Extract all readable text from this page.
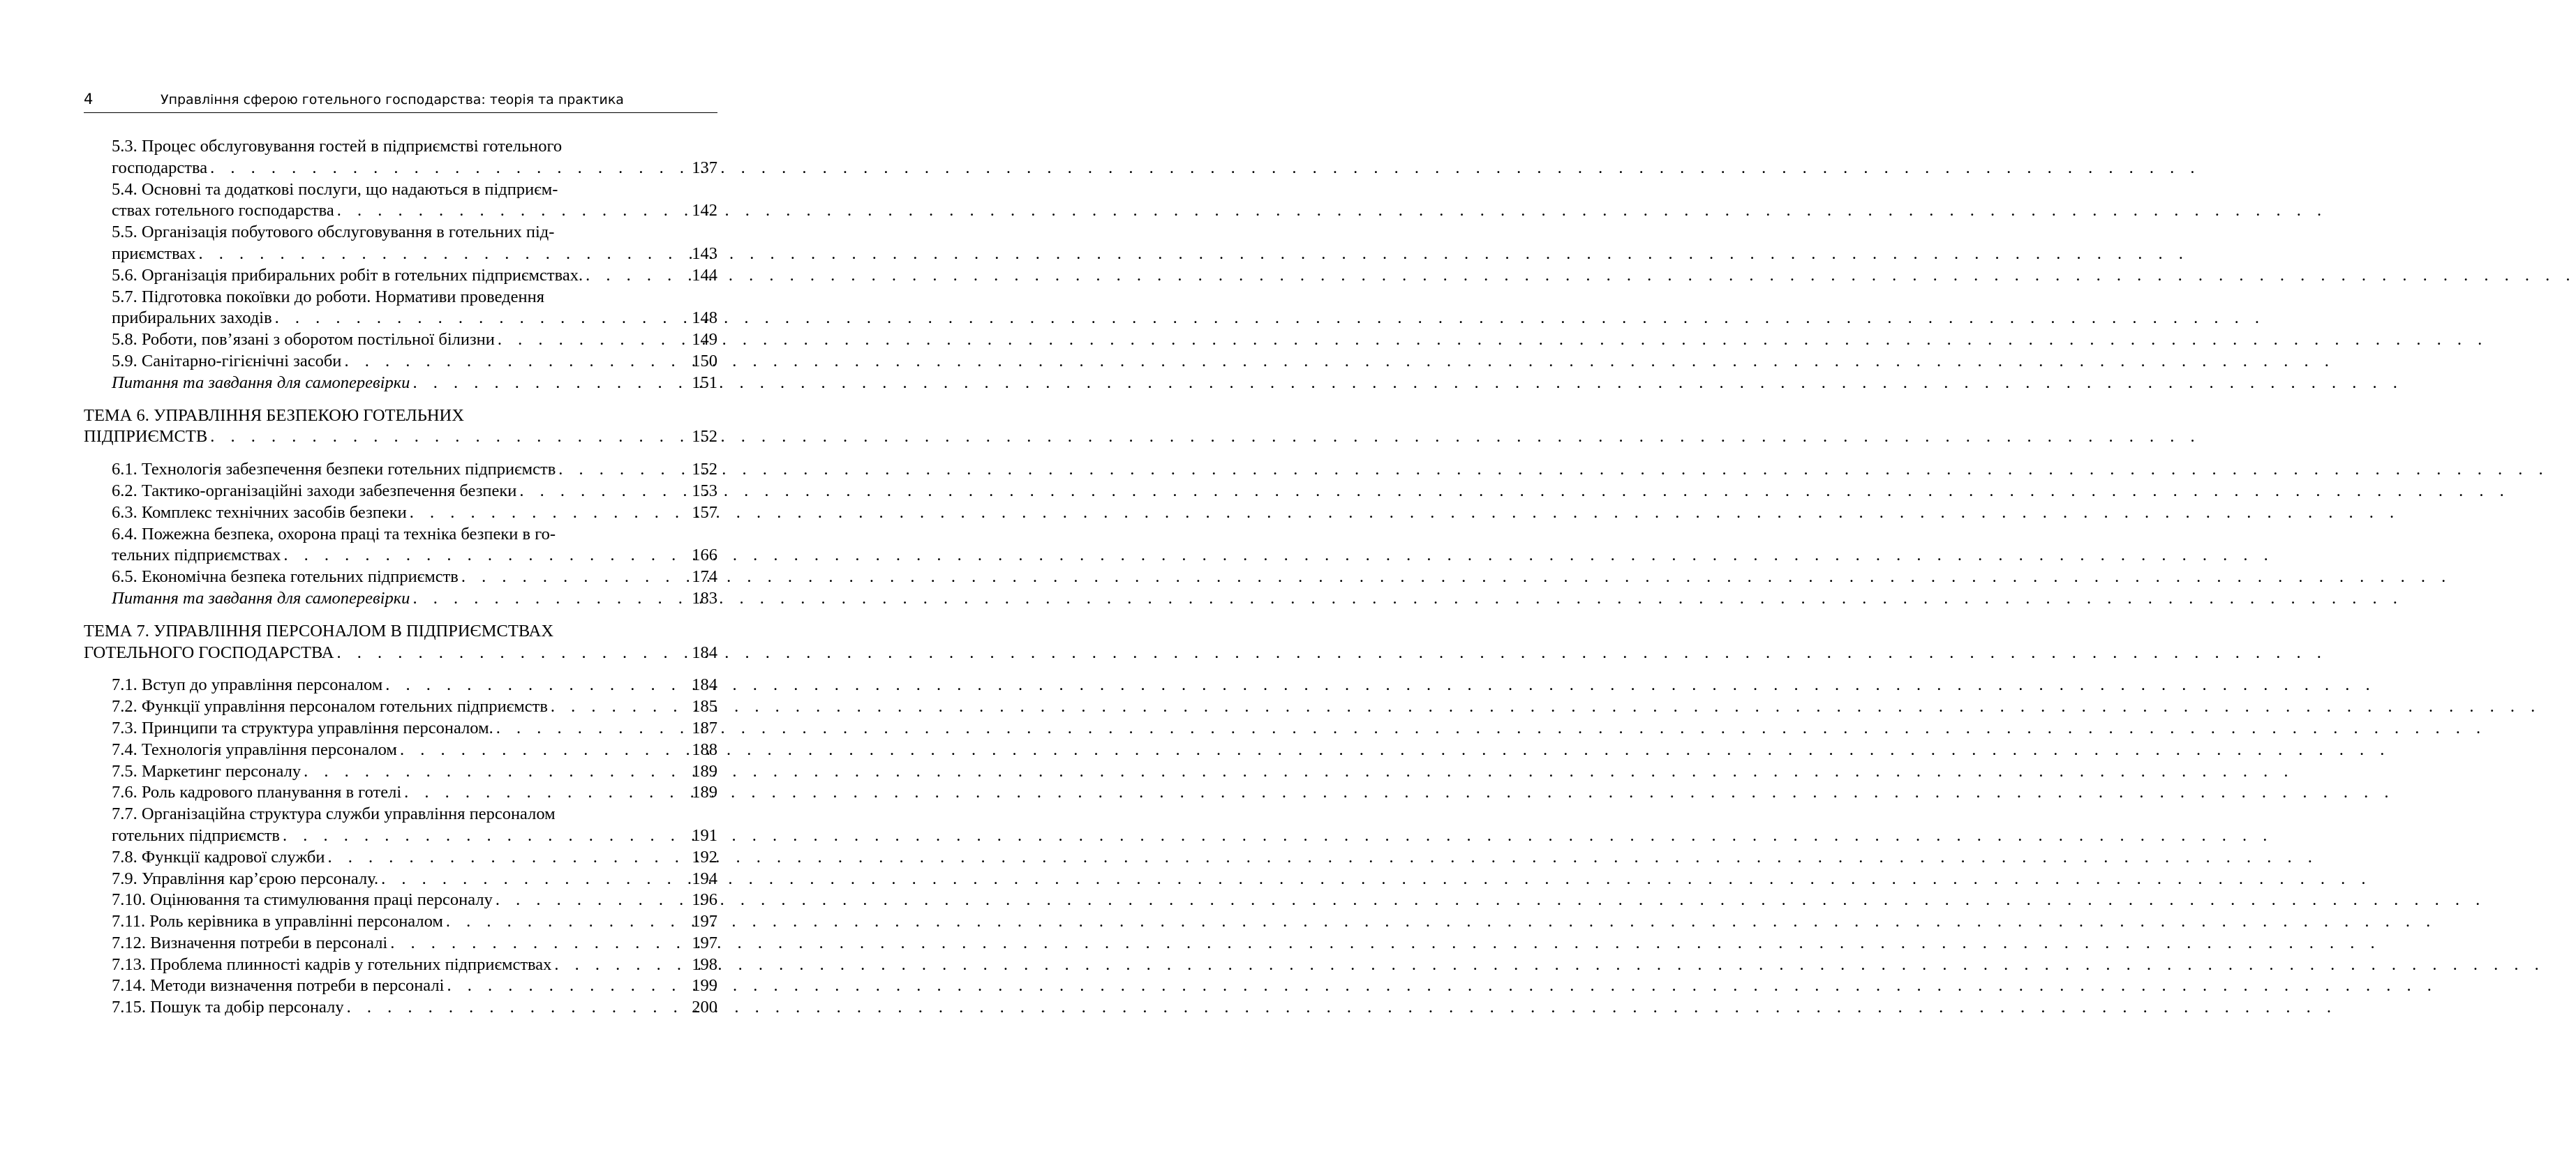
4	Управління сферою готельного господарства: теорія та практика
5.3. Процес обслуговування гостей в підприємстві готельного
господарства . . .	137
5.4. Основні та додаткові послуги, що надаються в підприєм-
ствах готельного господарства . . .	142
5.5. Організація побутового обслуговування в готельних під-
приємствах . . .	143
5.6. Організація прибиральних робіт в готельних підприємствах. . . .	144
5.7. Підготовка покоївки до роботи. Нормативи проведення
прибиральних заходів . . .	148
5.8. Роботи, пов’язані з оборотом постільної білизни . . .	149
5.9. Санітарно-гігієнічні засоби . . .	150
Питання та завдання для самоперевірки . . .	151
ТЕМА 6. УПРАВЛІННЯ БЕЗПЕКОЮ ГОТЕЛЬНИХ
ПІДПРИЄМСТВ . . .	152
6.1. Технологія забезпечення безпеки готельних підприємств . . .	152
6.2. Тактико-організаційні заходи забезпечення безпеки . . .	153
6.3. Комплекс технічних засобів безпеки . . .	157
6.4. Пожежна безпека, охорона праці та техніка безпеки в го-
тельних підприємствах . . .	166
6.5. Економічна безпека готельних підприємств . . .	174
Питання та завдання для самоперевірки . . .	183
ТЕМА 7. УПРАВЛІННЯ ПЕРСОНАЛОМ В ПІДПРИЄМСТВАХ
ГОТЕЛЬНОГО ГОСПОДАРСТВА . . .	184
7.1. Вступ до управління персоналом . . .	184
7.2. Функції управління персоналом готельних підприємств . . .	185
7.3. Принципи та структура управління персоналом. . . .	187
7.4. Технологія управління персоналом . . .	188
7.5. Маркетинг персоналу . . .	189
7.6. Роль кадрового планування в готелі . . .	189
7.7. Організаційна структура служби управління персоналом
готельних підприємств . . .	191
7.8. Функції кадрової служби . . .	192
7.9. Управління кар’єрою персоналу. . . .	194
7.10. Оцінювання та стимулювання праці персоналу . . .	196
7.11. Роль керівника в управлінні персоналом . . .	197
7.12. Визначення потреби в персоналі . . .	197
7.13. Проблема плинності кадрів у готельних підприємствах . . .	198
7.14. Методи визначення потреби в персоналі . . .	199
7.15. Пошук та добір персоналу . . .	200
